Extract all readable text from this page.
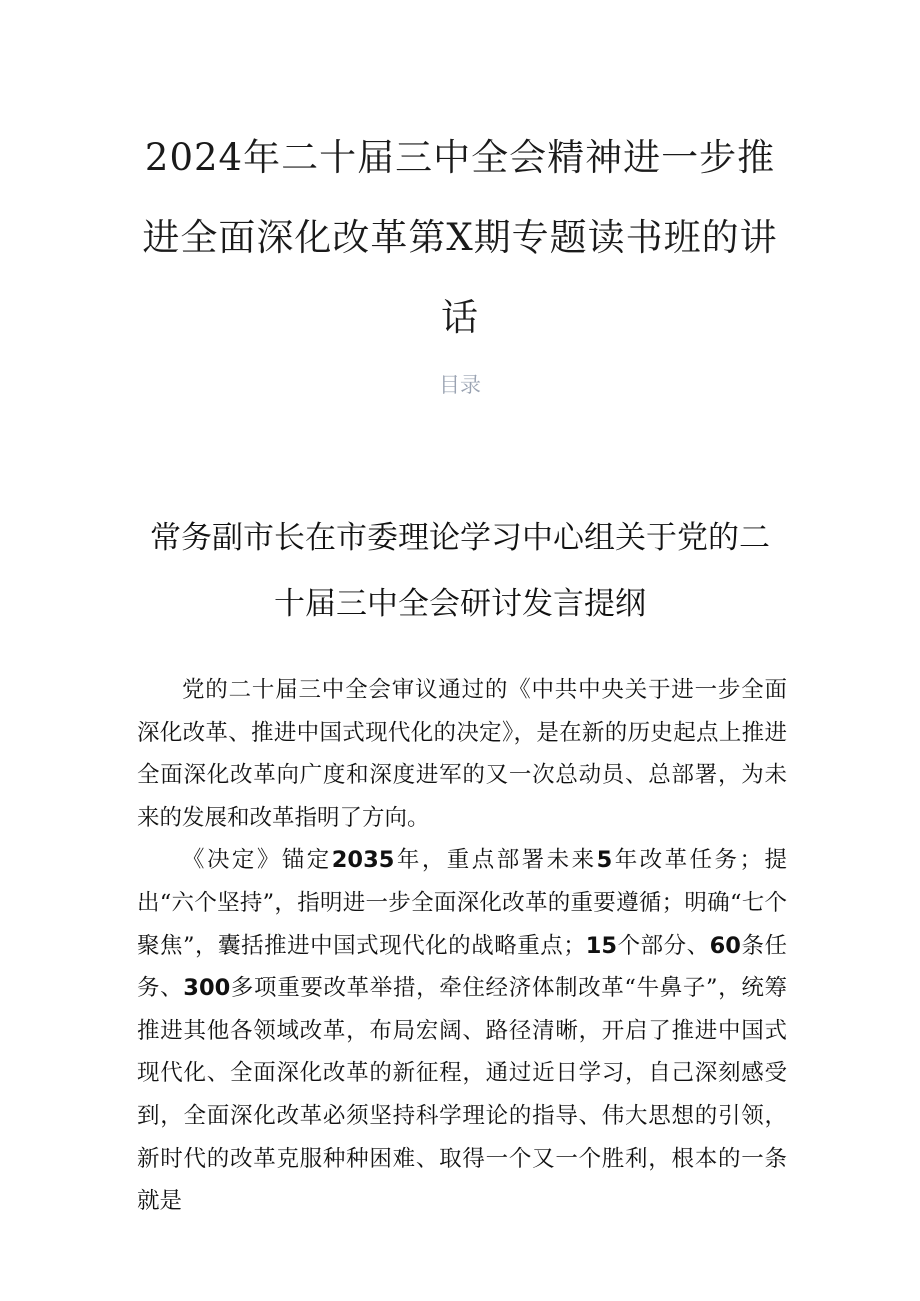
2024年二十届三中全会精神进一步推进全面深化改革第X期专题读书班的讲话
目录
常务副市长在市委理论学习中心组关于党的二十届三中全会研讨发言提纲

党的二十届三中全会审议通过的《中共中央关于进一步全面深化改革、推进中国式现代化的决定》，是在新的历史起点上推进全面深化改革向广度和深度进军的又一次总动员、总部署，为未来的发展和改革指明了方向。

《决定》锚定2035年，重点部署未来5年改革任务；提出“六个坚持”，指明进一步全面深化改革的重要遵循；明确“七个聚焦”，囊括推进中国式现代化的战略重点；15个部分、60条任务、300多项重要改革举措，牵住经济体制改革“牛鼻子”，统筹推进其他各领域改革，布局宏阔、路径清晰，开启了推进中国式现代化、全面深化改革的新征程，通过近日学习，自己深刻感受到，全面深化改革必须坚持科学理论的指导、伟大思想的引领，新时代的改革克服种种困难、取得一个又一个胜利，根本的一条就是
